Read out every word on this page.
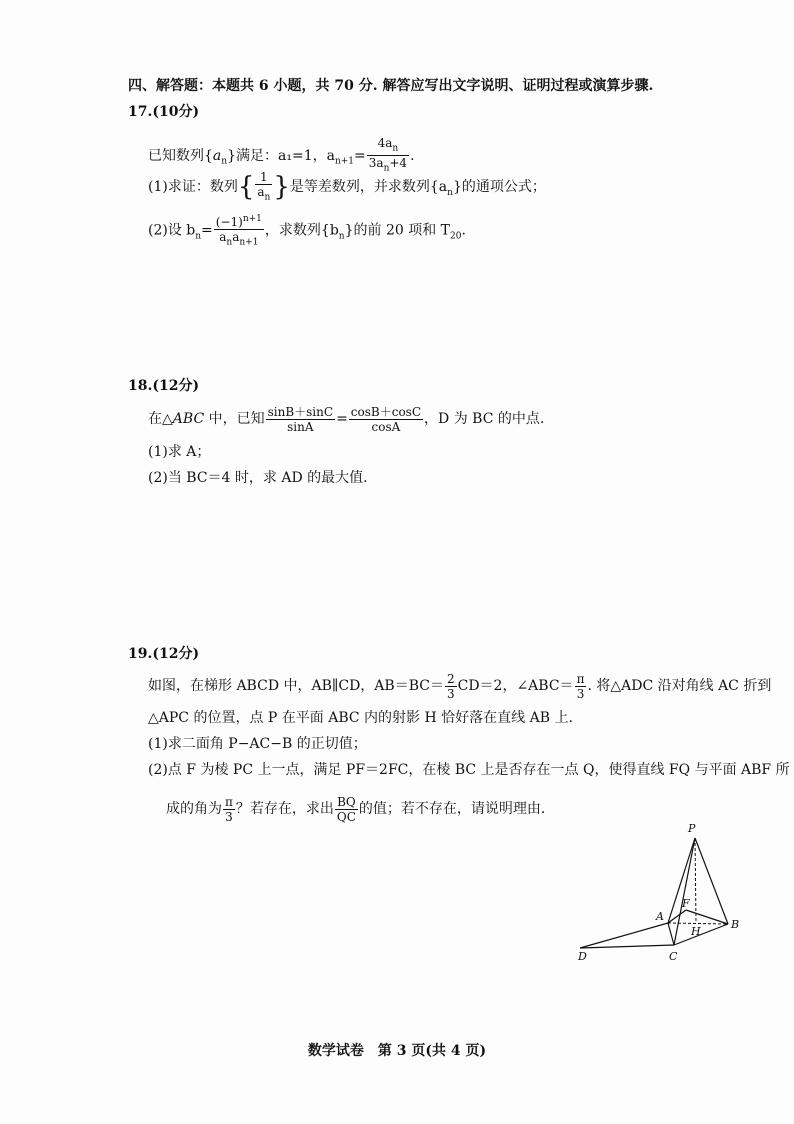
四、解答题：本题共 6 小题，共 70 分. 解答应写出文字说明、证明过程或演算步骤.
17.(10分)
已知数列$\{a_n\}$满足：a₁=1，$a_{n+1}= \frac{4a_n}{3a_n+4}$ .
(1)求证：数列{ $\frac{1}{a_n}$ }是等差数列，并求数列$\{a_n\}$的通项公式；
(2)设 $b_n= \frac{(-1)^{n+1}}{a_na_{n+1}}$ ，求数列$\{b_n\}$的前 20 项和 $T_{20}$.
18.(12分)
在△ABC 中，已知 $\frac{\sin B+\sin C}{\sin A} = \frac{\cos B+\cos C}{\cos A}$ ，D 为 BC 的中点.
(1)求 A；
(2)当 BC＝4 时，求 AD 的最大值.
19.(12分)
如图，在梯形 ABCD 中，AB∥CD，$AB=BC= \frac{2}{3} CD=2$，∠ABC＝ $\frac{\pi}{3}$ . 将△ADC 沿对角线 AC 折到
△APC 的位置，点 P 在平面 ABC 内的射影 H 恰好落在直线 AB 上.
(1)求二面角 P−AC−B 的正切值；
(2)点 F 为棱 PC 上一点，满足 PF＝2FC，在棱 BC 上是否存在一点 Q，使得直线 FQ 与平面 ABF 所
成的角为 $\frac{\pi}{3}$ ？若存在，求出 $\frac{BQ}{QC}$ 的值；若不存在，请说明理由.
P
A
F
H
B
C
D
数学试卷　第 3 页(共 4 页)
